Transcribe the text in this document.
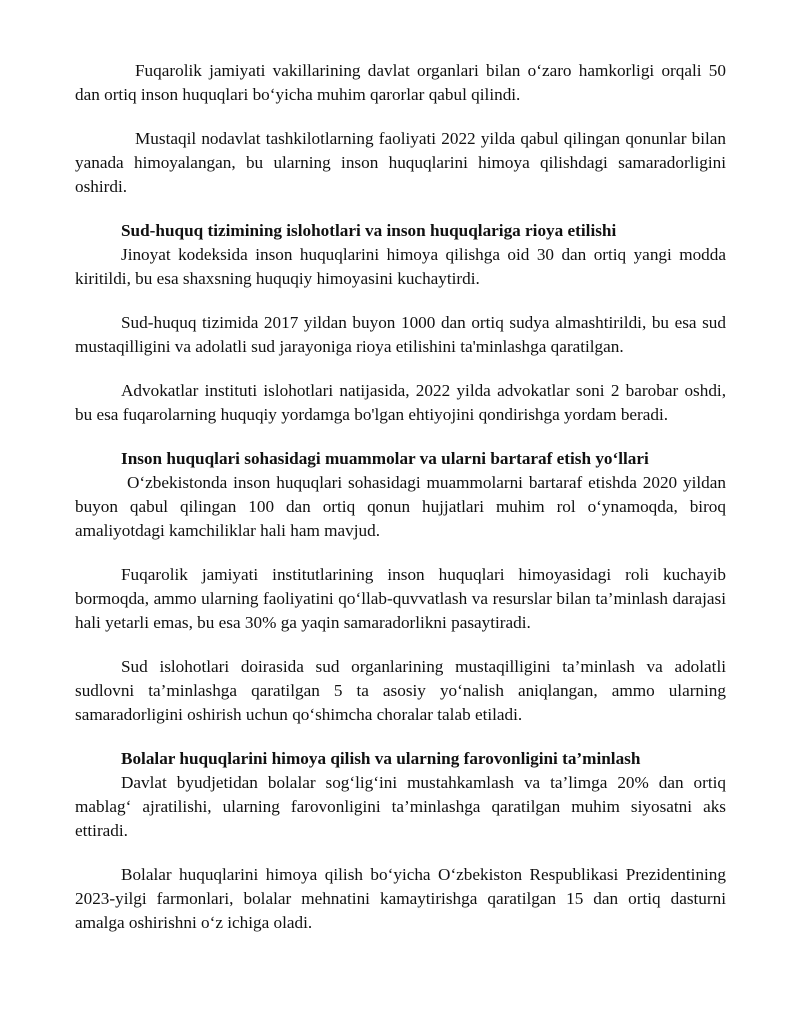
Fuqarolik jamiyati vakillarining davlat organlari bilan o‘zaro hamkorligi orqali 50 dan ortiq inson huquqlari bo‘yicha muhim qarorlar qabul qilindi.

Mustaqil nodavlat tashkilotlarning faoliyati 2022 yilda qabul qilingan qonunlar bilan yanada himoyalangan, bu ularning inson huquqlarini himoya qilishdagi samaradorligini oshirdi.

Sud-huquq tizimining islohotlari va inson huquqlariga rioya etilishi

Jinoyat kodeksida inson huquqlarini himoya qilishga oid 30 dan ortiq yangi modda kiritildi, bu esa shaxsning huquqiy himoyasini kuchaytirdi.

Sud-huquq tizimida 2017 yildan buyon 1000 dan ortiq sudya almashtirildi, bu esa sud mustaqilligini va adolatli sud jarayoniga rioya etilishini ta'minlashga qaratilgan.

Advokatlar instituti islohotlari natijasida, 2022 yilda advokatlar soni 2 barobar oshdi, bu esa fuqarolarning huquqiy yordamga bo'lgan ehtiyojini qondirishga yordam beradi.

Inson huquqlari sohasidagi muammolar va ularni bartaraf etish yo‘llari

O‘zbekistonda inson huquqlari sohasidagi muammolarni bartaraf etishda 2020 yildan buyon qabul qilingan 100 dan ortiq qonun hujjatlari muhim rol o‘ynamoqda, biroq amaliyotdagi kamchiliklar hali ham mavjud.

Fuqarolik jamiyati institutlarining inson huquqlari himoyasidagi roli kuchayib bormoqda, ammo ularning faoliyatini qo‘llab-quvvatlash va resurslar bilan ta’minlash darajasi hali yetarli emas, bu esa 30% ga yaqin samaradorlikni pasaytiradi.

Sud islohotlari doirasida sud organlarining mustaqilligini ta’minlash va adolatli sudlovni ta’minlashga qaratilgan 5 ta asosiy yo‘nalish aniqlangan, ammo ularning samaradorligini oshirish uchun qo‘shimcha choralar talab etiladi.

Bolalar huquqlarini himoya qilish va ularning farovonligini ta’minlash

Davlat byudjetidan bolalar sog‘lig‘ini mustahkamlash va ta’limga 20% dan ortiq mablag‘ ajratilishi, ularning farovonligini ta’minlashga qaratilgan muhim siyosatni aks ettiradi.

Bolalar huquqlarini himoya qilish bo‘yicha O‘zbekiston Respublikasi Prezidentining 2023-yilgi farmonlari, bolalar mehnatini kamaytirishga qaratilgan 15 dan ortiq dasturni amalga oshirishni o‘z ichiga oladi.
